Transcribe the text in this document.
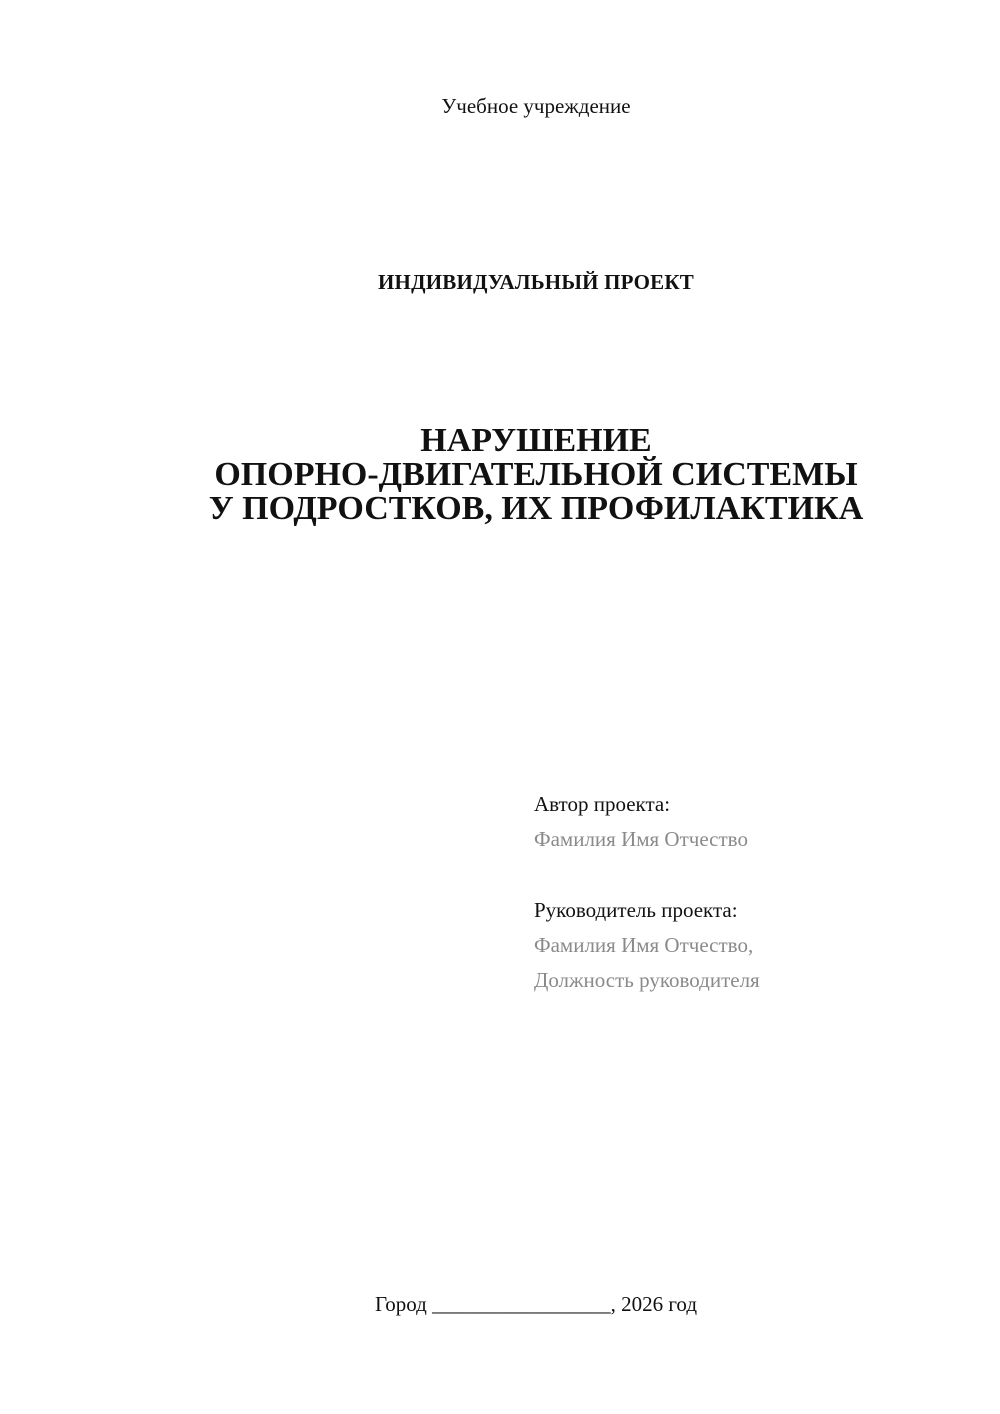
Учебное учреждение
ИНДИВИДУАЛЬНЫЙ ПРОЕКТ
НАРУШЕНИЕ
ОПОРНО-ДВИГАТЕЛЬНОЙ СИСТЕМЫ
У ПОДРОСТКОВ, ИХ ПРОФИЛАКТИКА
Автор проекта:
Фамилия Имя Отчество
Руководитель проекта:
Фамилия Имя Отчество,
Должность руководителя
Город _________________, 2026 год
